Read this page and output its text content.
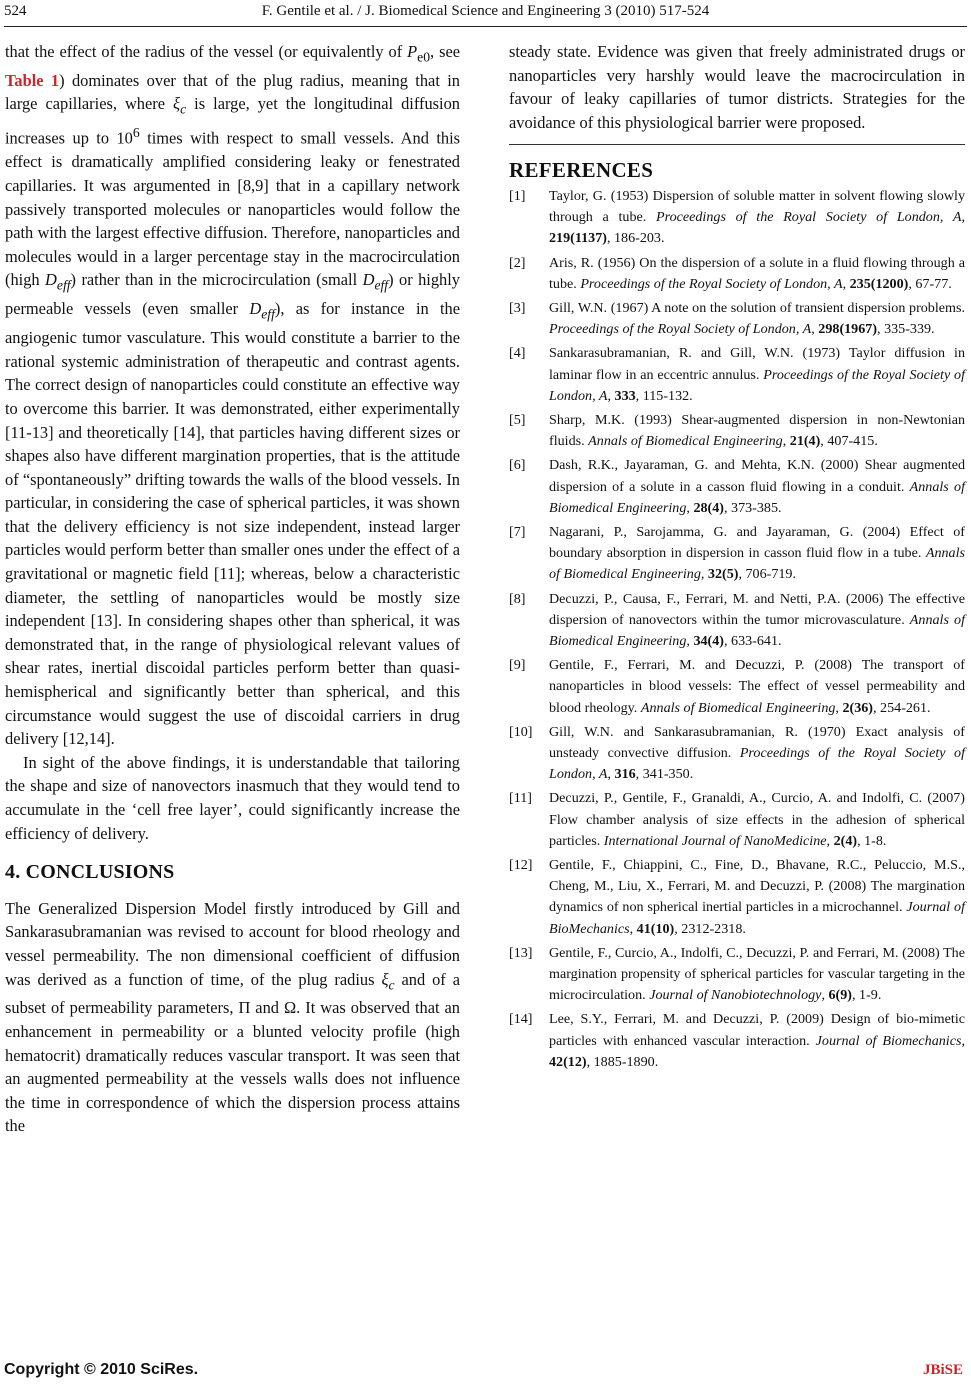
524	F. Gentile et al. / J. Biomedical Science and Engineering 3 (2010) 517-524

that the effect of the radius of the vessel (or equivalently of $P_{e0}$, see Table 1) dominates over that of the plug radius, meaning that in large capillaries, where $\xi_c$ is large, yet the longitudinal diffusion increases up to $10^6$ times with respect to small vessels. And this effect is dramatically amplified considering leaky or fenestrated capillaries. It was argumented in [8,9] that in a capillary network passively transported molecules or nanoparticles would follow the path with the largest effective diffusion. Therefore, nanoparticles and molecules would in a larger percentage stay in the macrocirculation (high $D_{eff}$) rather than in the microcirculation (small $D_{eff}$) or highly permeable vessels (even smaller $D_{eff}$), as for instance in the angiogenic tumor vasculature. This would constitute a barrier to the rational systemic administration of therapeutic and contrast agents. The correct design of nanoparticles could constitute an effective way to overcome this barrier. It was demonstrated, either experimentally [11-13] and theoretically [14], that particles having different sizes or shapes also have different margination properties, that is the attitude of “spontaneously” drifting towards the walls of the blood vessels. In particular, in considering the case of spherical particles, it was shown that the delivery efficiency is not size independent, instead larger particles would perform better than smaller ones under the effect of a gravitational or magnetic field [11]; whereas, below a characteristic diameter, the settling of nanoparticles would be mostly size independent [13]. In considering shapes other than spherical, it was demonstrated that, in the range of physiological relevant values of shear rates, inertial discoidal particles perform better than quasi-hemispherical and significantly better than spherical, and this circumstance would suggest the use of discoidal carriers in drug delivery [12,14].

In sight of the above findings, it is understandable that tailoring the shape and size of nanovectors inasmuch that they would tend to accumulate in the ‘cell free layer’, could significantly increase the efficiency of delivery.

4. CONCLUSIONS

The Generalized Dispersion Model firstly introduced by Gill and Sankarasubramanian was revised to account for blood rheology and vessel permeability. The non dimensional coefficient of diffusion was derived as a function of time, of the plug radius $\xi_c$ and of a subset of permeability parameters, Π and Ω. It was observed that an enhancement in permeability or a blunted velocity profile (high hematocrit) dramatically reduces vascular transport. It was seen that an augmented permeability at the vessels walls does not influence the time in correspondence of which the dispersion process attains the

steady state. Evidence was given that freely administrated drugs or nanoparticles very harshly would leave the macrocirculation in favour of leaky capillaries of tumor districts. Strategies for the avoidance of this physiological barrier were proposed.

REFERENCES
[1] Taylor, G. (1953) Dispersion of soluble matter in solvent flowing slowly through a tube. Proceedings of the Royal Society of London, A, 219(1137), 186-203.
[2] Aris, R. (1956) On the dispersion of a solute in a fluid flowing through a tube. Proceedings of the Royal Society of London, A, 235(1200), 67-77.
[3] Gill, W.N. (1967) A note on the solution of transient dispersion problems. Proceedings of the Royal Society of London, A, 298(1967), 335-339.
[4] Sankarasubramanian, R. and Gill, W.N. (1973) Taylor diffusion in laminar flow in an eccentric annulus. Proceedings of the Royal Society of London, A, 333, 115-132.
[5] Sharp, M.K. (1993) Shear-augmented dispersion in non-Newtonian fluids. Annals of Biomedical Engineering, 21(4), 407-415.
[6] Dash, R.K., Jayaraman, G. and Mehta, K.N. (2000) Shear augmented dispersion of a solute in a casson fluid flowing in a conduit. Annals of Biomedical Engineering, 28(4), 373-385.
[7] Nagarani, P., Sarojamma, G. and Jayaraman, G. (2004) Effect of boundary absorption in dispersion in casson fluid flow in a tube. Annals of Biomedical Engineering, 32(5), 706-719.
[8] Decuzzi, P., Causa, F., Ferrari, M. and Netti, P.A. (2006) The effective dispersion of nanovectors within the tumor microvasculature. Annals of Biomedical Engineering, 34(4), 633-641.
[9] Gentile, F., Ferrari, M. and Decuzzi, P. (2008) The transport of nanoparticles in blood vessels: The effect of vessel permeability and blood rheology. Annals of Biomedical Engineering, 2(36), 254-261.
[10] Gill, W.N. and Sankarasubramanian, R. (1970) Exact analysis of unsteady convective diffusion. Proceedings of the Royal Society of London, A, 316, 341-350.
[11] Decuzzi, P., Gentile, F., Granaldi, A., Curcio, A. and Indolfi, C. (2007) Flow chamber analysis of size effects in the adhesion of spherical particles. International Journal of NanoMedicine, 2(4), 1-8.
[12] Gentile, F., Chiappini, C., Fine, D., Bhavane, R.C., Peluccio, M.S., Cheng, M., Liu, X., Ferrari, M. and Decuzzi, P. (2008) The margination dynamics of non spherical inertial particles in a microchannel. Journal of BioMechanics, 41(10), 2312-2318.
[13] Gentile, F., Curcio, A., Indolfi, C., Decuzzi, P. and Ferrari, M. (2008) The margination propensity of spherical particles for vascular targeting in the microcirculation. Journal of Nanobiotechnology, 6(9), 1-9.
[14] Lee, S.Y., Ferrari, M. and Decuzzi, P. (2009) Design of bio-mimetic particles with enhanced vascular interaction. Journal of Biomechanics, 42(12), 1885-1890.
Copyright © 2010 SciRes.	JBiSE
